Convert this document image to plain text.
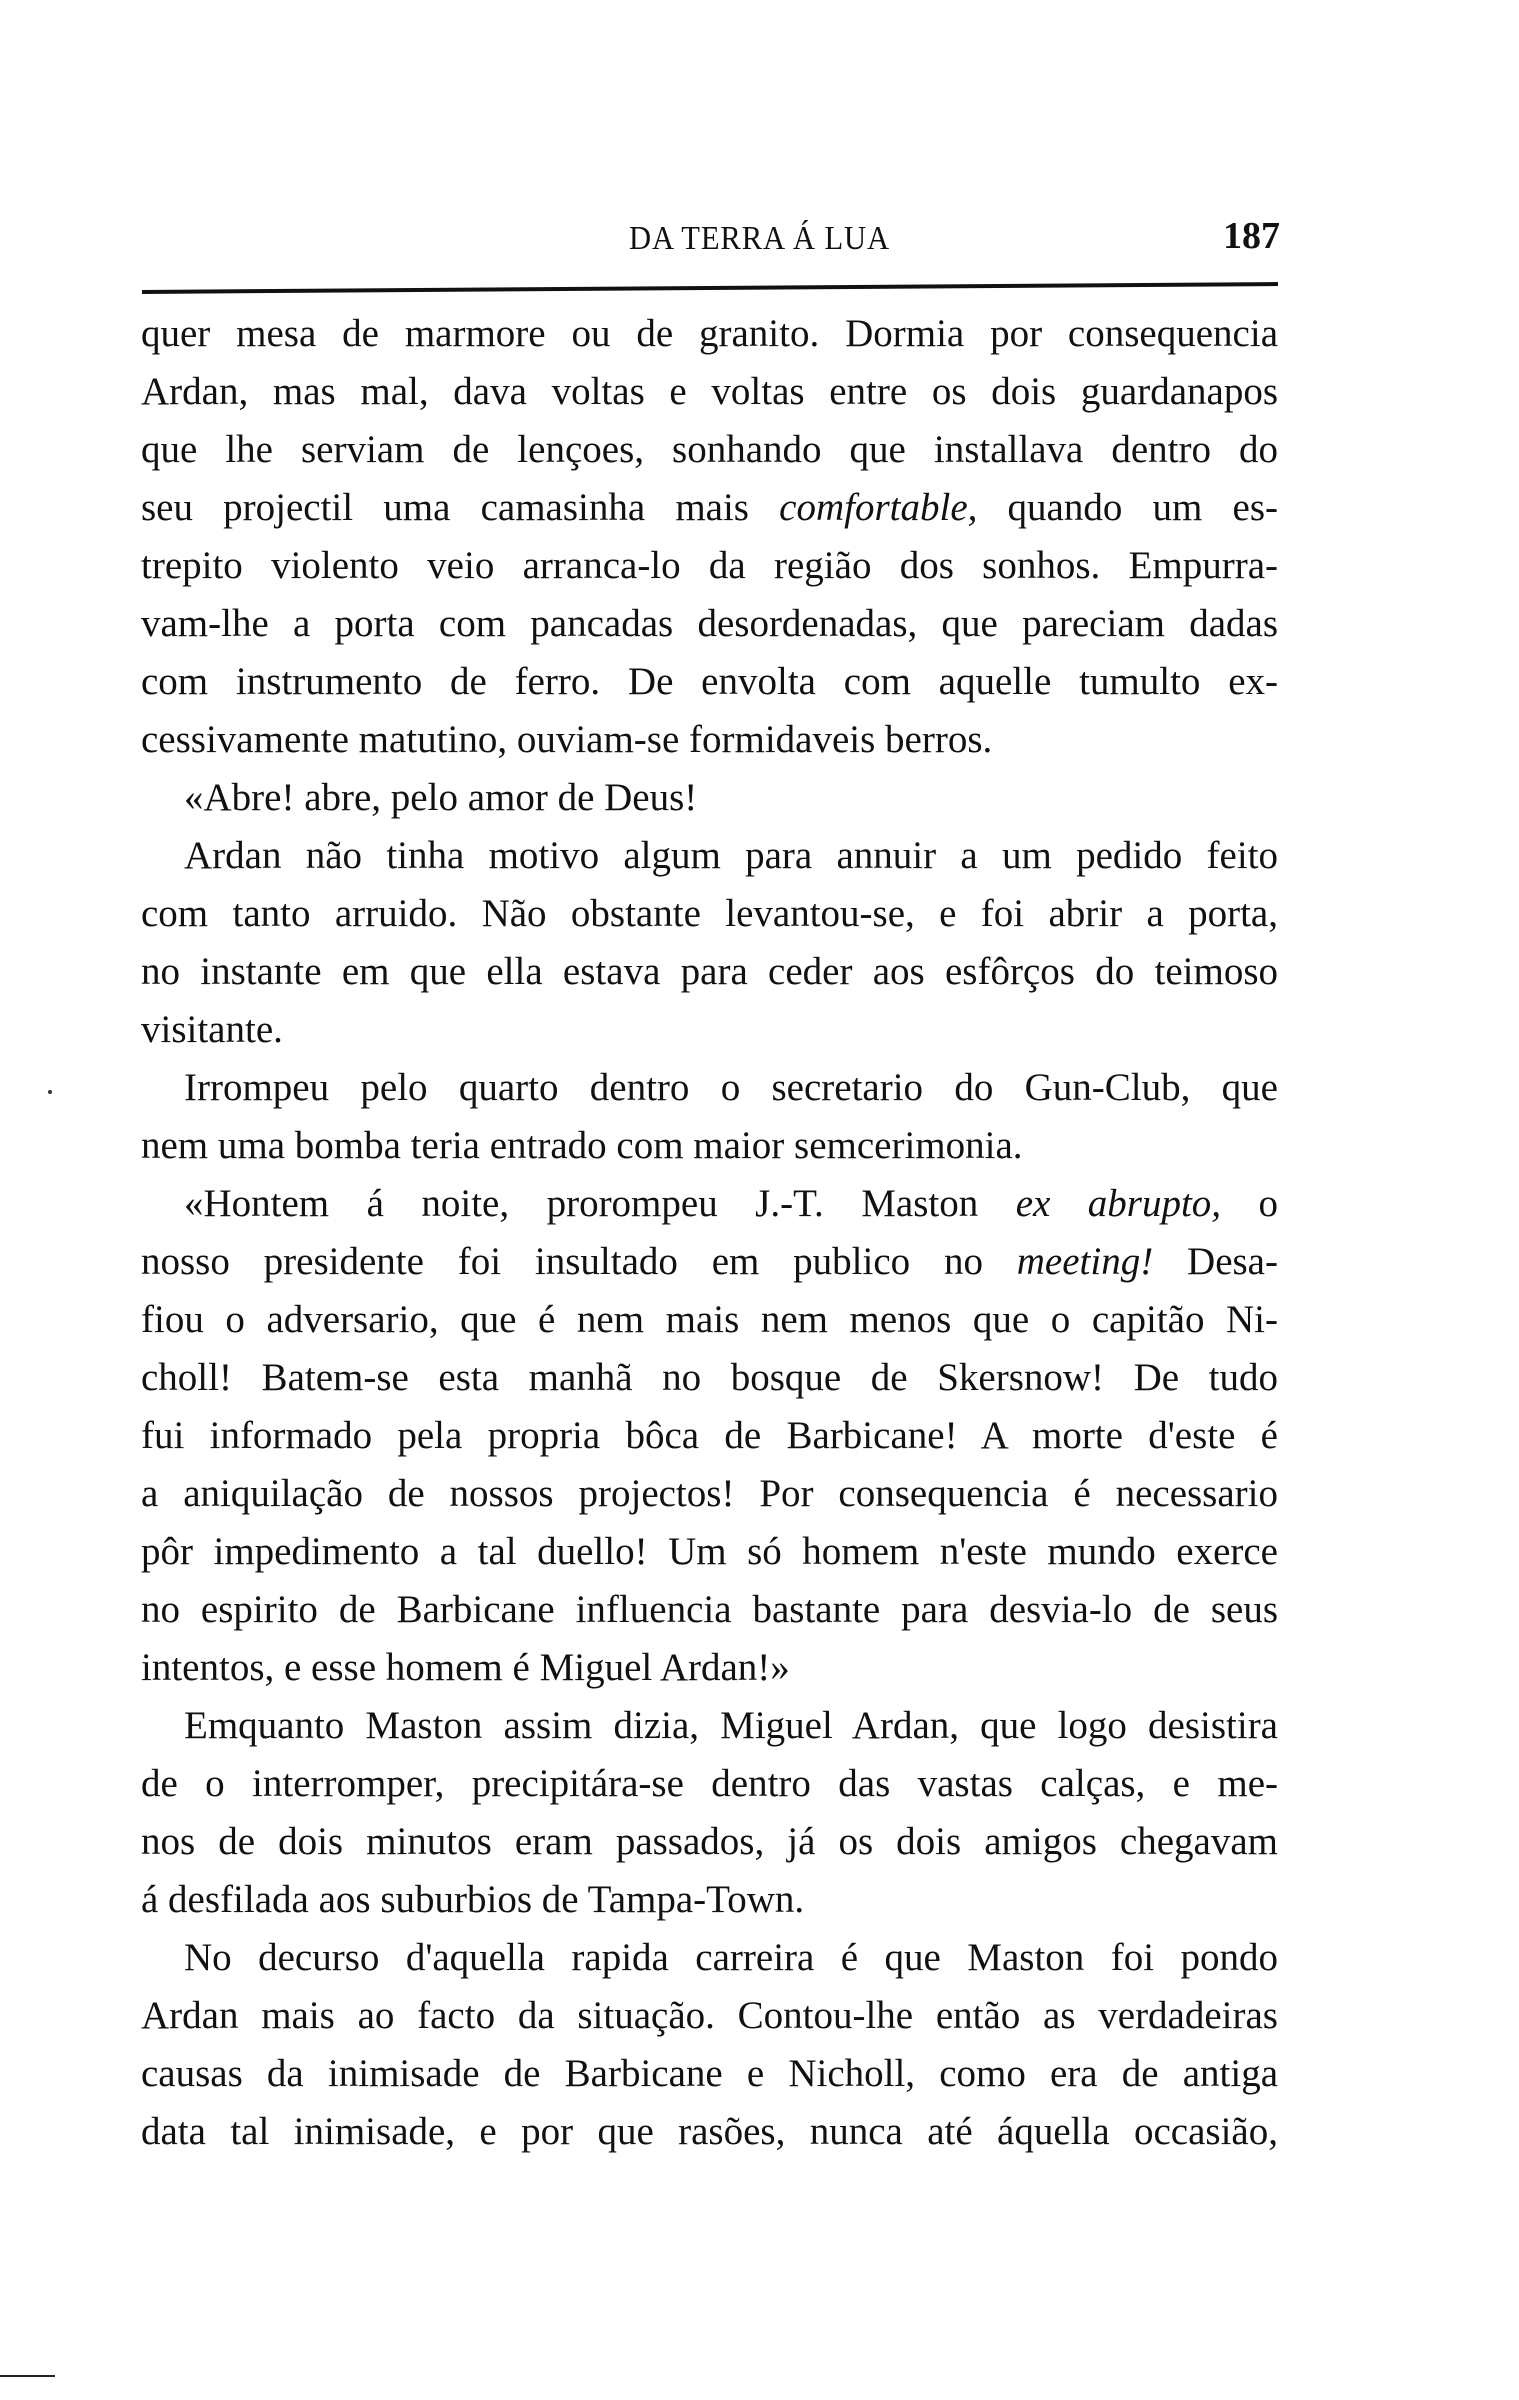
DA TERRA Á LUA	187
quer mesa de marmore ou de granito. Dormia por consequencia
Ardan, mas mal, dava voltas e voltas entre os dois guardanapos
que lhe serviam de lençoes, sonhando que installava dentro do
seu projectil uma camasinha mais comfortable, quando um es-
trepito violento veio arranca-lo da região dos sonhos. Empurra-
vam-lhe a porta com pancadas desordenadas, que pareciam dadas
com instrumento de ferro. De envolta com aquelle tumulto ex-
cessivamente matutino, ouviam-se formidaveis berros.
«Abre! abre, pelo amor de Deus!
Ardan não tinha motivo algum para annuir a um pedido feito
com tanto arruido. Não obstante levantou-se, e foi abrir a porta,
no instante em que ella estava para ceder aos esfôrços do teimoso
visitante.
Irrompeu pelo quarto dentro o secretario do Gun-Club, que
nem uma bomba teria entrado com maior semcerimonia.
«Hontem á noite, prorompeu J.-T. Maston ex abrupto, o
nosso presidente foi insultado em publico no meeting! Desa-
fiou o adversario, que é nem mais nem menos que o capitão Ni-
choll! Batem-se esta manhã no bosque de Skersnow! De tudo
fui informado pela propria bôca de Barbicane! A morte d'este é
a aniquilação de nossos projectos! Por consequencia é necessario
pôr impedimento a tal duello! Um só homem n'este mundo exerce
no espirito de Barbicane influencia bastante para desvia-lo de seus
intentos, e esse homem é Miguel Ardan!»
Emquanto Maston assim dizia, Miguel Ardan, que logo desistira
de o interromper, precipitára-se dentro das vastas calças, e me-
nos de dois minutos eram passados, já os dois amigos chegavam
á desfilada aos suburbios de Tampa-Town.
No decurso d'aquella rapida carreira é que Maston foi pondo
Ardan mais ao facto da situação. Contou-lhe então as verdadeiras
causas da inimisade de Barbicane e Nicholl, como era de antiga
data tal inimisade, e por que rasões, nunca até áquella occasião,
